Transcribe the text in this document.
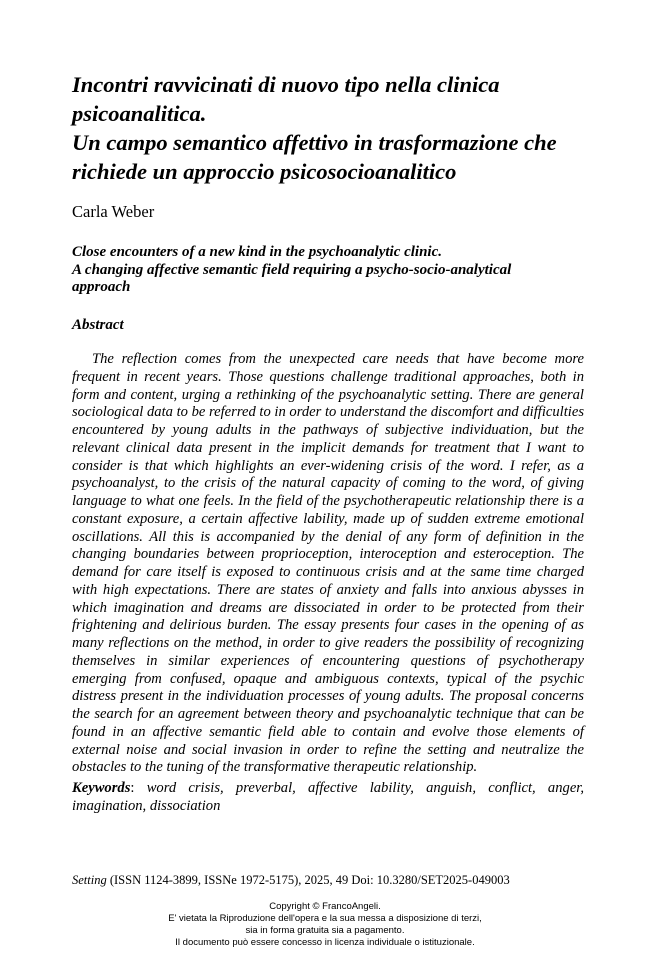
Incontri ravvicinati di nuovo tipo nella clinica
psicoanalitica.
Un campo semantico affettivo in trasformazione che
richiede un approccio psicosocioanalitico

Carla Weber

Close encounters of a new kind in the psychoanalytic clinic.
A changing affective semantic field requiring a psycho-socio-analytical
approach
Abstract

The reflection comes from the unexpected care needs that have become more frequent in recent years. Those questions challenge traditional approaches, both in form and content, urging a rethinking of the psychoanalytic setting. There are general sociological data to be referred to in order to understand the discomfort and difficulties encountered by young adults in the pathways of subjective individuation, but the relevant clinical data present in the implicit demands for treatment that I want to consider is that which highlights an ever-widening crisis of the word. I refer, as a psychoanalyst, to the crisis of the natural capacity of coming to the word, of giving language to what one feels. In the field of the psychotherapeutic relationship there is a constant exposure, a certain affective lability, made up of sudden extreme emotional oscillations. All this is accompanied by the denial of any form of definition in the changing boundaries between proprioception, interoception and esteroception. The demand for care itself is exposed to continuous crisis and at the same time charged with high expectations. There are states of anxiety and falls into anxious abysses in which imagination and dreams are dissociated in order to be protected from their frightening and delirious burden. The essay presents four cases in the opening of as many reflections on the method, in order to give readers the possibility of recognizing themselves in similar experiences of encountering questions of psychotherapy emerging from confused, opaque and ambiguous contexts, typical of the psychic distress present in the individuation processes of young adults. The proposal concerns the search for an agreement between theory and psychoanalytic technique that can be found in an affective semantic field able to contain and evolve those elements of external noise and social invasion in order to refine the setting and neutralize the obstacles to the tuning of the transformative therapeutic relationship.

Keywords: word crisis, preverbal, affective lability, anguish, conflict, anger, imagination, dissociation

Setting (ISSN 1124-3899, ISSNe 1972-5175), 2025, 49 Doi: 10.3280/SET2025-049003

Copyright © FrancoAngeli.
E' vietata la Riproduzione dell'opera e la sua messa a disposizione di terzi,
sia in forma gratuita sia a pagamento.
Il documento può essere concesso in licenza individuale o istituzionale.
